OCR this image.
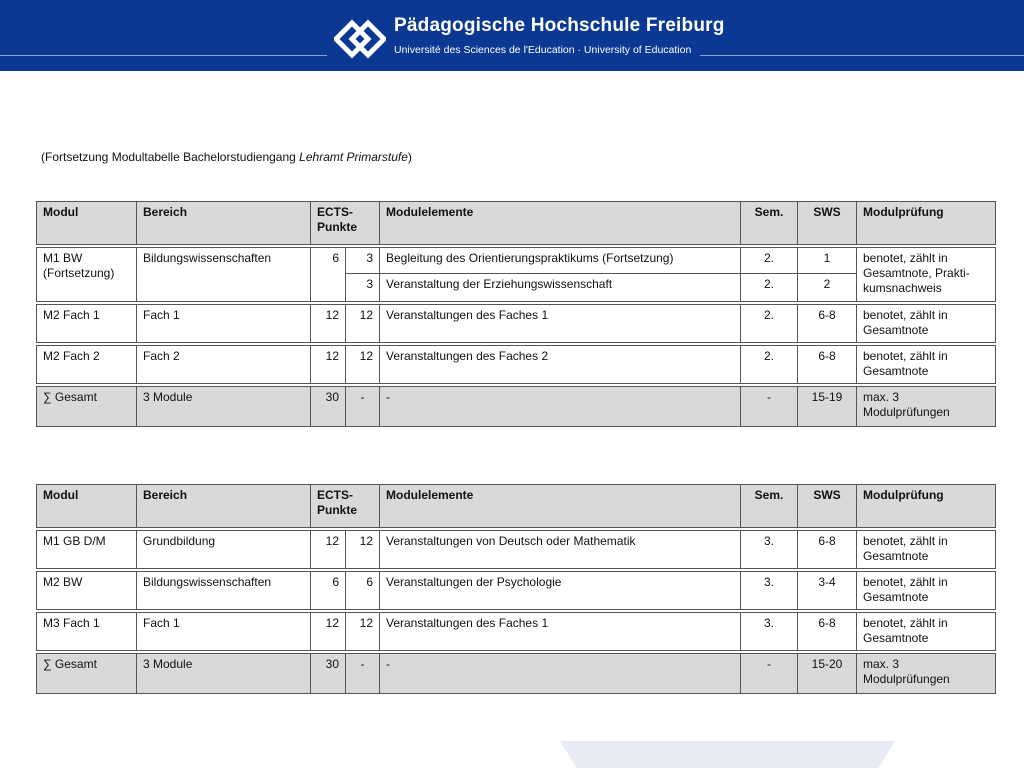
Pädagogische Hochschule Freiburg
Université des Sciences de l'Education · University of Education
(Fortsetzung Modultabelle Bachelorstudiengang Lehramt Primarstufe)
Modul	Bereich	ECTS-
Punkte		Modulelemente	Sem.	SWS	Modulprüfung

M1 BW
(Fortsetzung)	Bildungswissenschaften	6	3	Begleitung des Orientierungspraktikums (Fortsetzung)	2.	1	benotet, zählt in
Gesamtnote, Prakti-
kumsnachweis
			3	Veranstaltung der Erziehungswissenschaft	2.	2	

M2 Fach 1	Fach 1	12	12	Veranstaltungen des Faches 1	2.	6-8	benotet, zählt in
Gesamtnote

M2 Fach 2	Fach 2	12	12	Veranstaltungen des Faches 2	2.	6-8	benotet, zählt in
Gesamtnote

∑ Gesamt	3 Module	30	-	-	-	15-19	max. 3
Modulprüfungen
Modul	Bereich	ECTS-
Punkte		Modulelemente	Sem.	SWS	Modulprüfung

M1 GB D/M	Grundbildung	12	12	Veranstaltungen von Deutsch oder Mathematik	3.	6-8	benotet, zählt in
Gesamtnote

M2 BW	Bildungswissenschaften	6	6	Veranstaltungen der Psychologie	3.	3-4	benotet, zählt in
Gesamtnote

M3 Fach 1	Fach 1	12	12	Veranstaltungen des Faches 1	3.	6-8	benotet, zählt in
Gesamtnote

∑ Gesamt	3 Module	30	-	-	-	15-20	max. 3
Modulprüfungen
